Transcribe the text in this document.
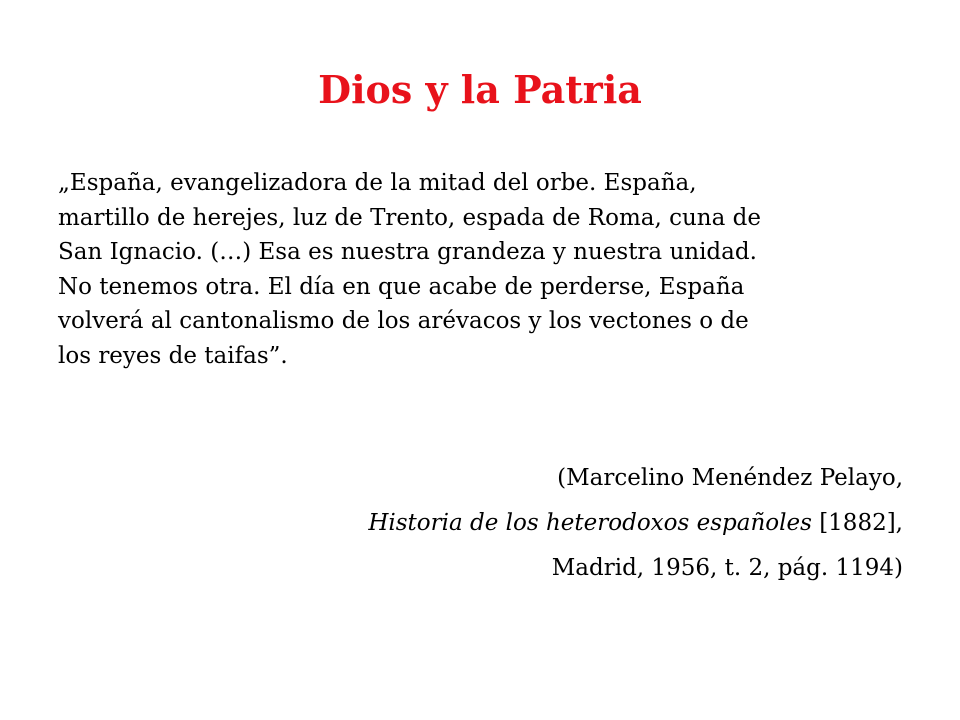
Dios y la Patria
„España, evangelizadora de la mitad del orbe. España,
martillo de herejes, luz de Trento, espada de Roma, cuna de
San Ignacio. (…) Esa es nuestra grandeza y nuestra unidad.
No tenemos otra. El día en que acabe de perderse, España
volverá al cantonalismo de los arévacos y los vectones o de
los reyes de taifas”.
(Marcelino Menéndez Pelayo,
Historia de los heterodoxos españoles [1882],
Madrid, 1956, t. 2, pág. 1194)
